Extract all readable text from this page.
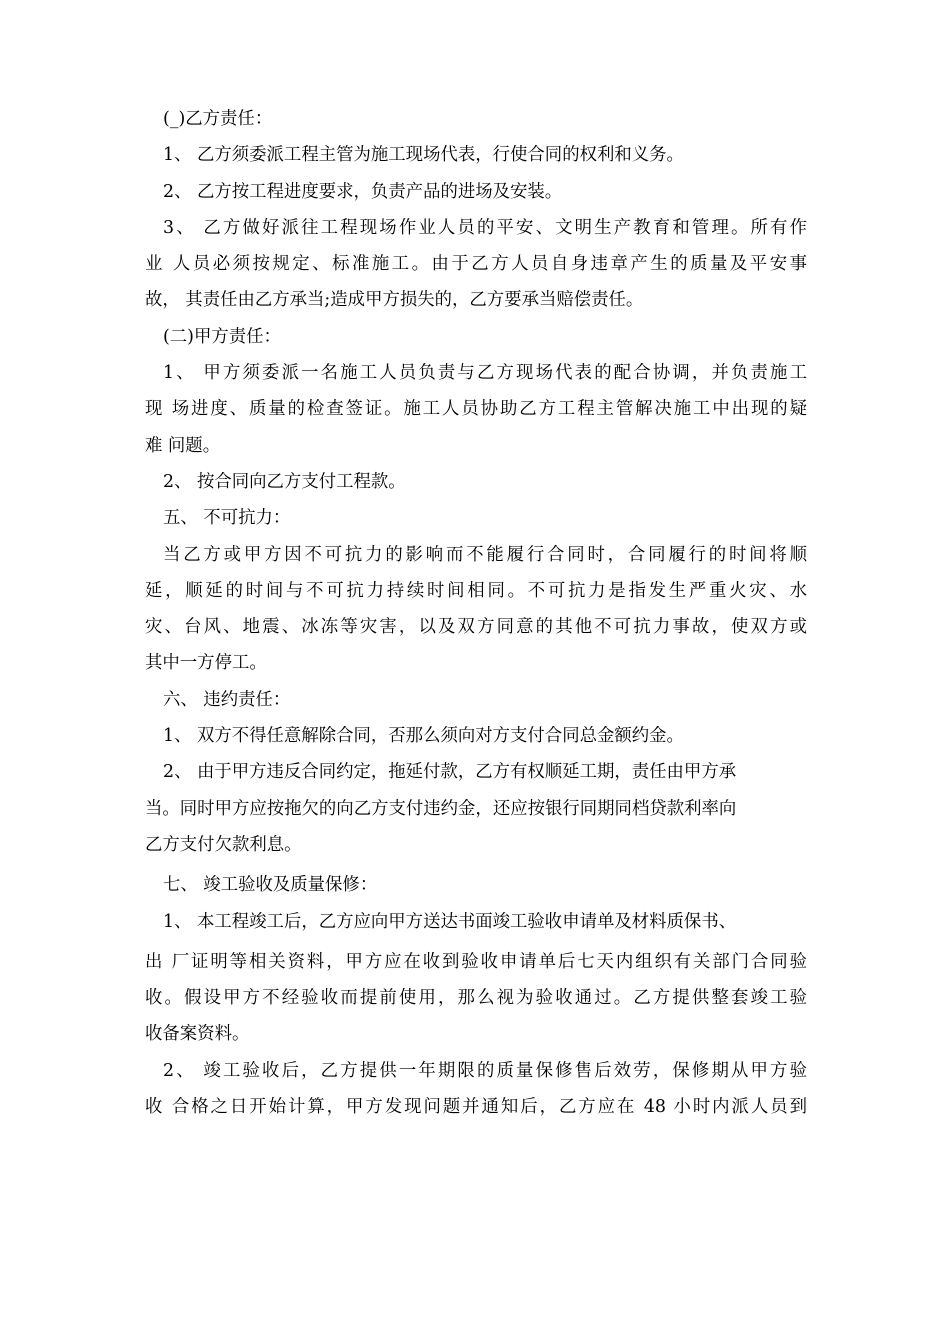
(_)乙方责任：
1、 乙方须委派工程主管为施工现场代表，行使合同的权利和义务。
2、 乙方按工程进度要求，负责产品的进场及安装。
3、 乙方做好派往工程现场作业人员的平安、文明生产教育和管理。所有作
业 人员必须按规定、标准施工。由于乙方人员自身违章产生的质量及平安事
故， 其责任由乙方承当;造成甲方损失的，乙方要承当赔偿责任。
(二)甲方责任：
1、 甲方须委派一名施工人员负责与乙方现场代表的配合协调，并负责施工
现 场进度、质量的检查签证。施工人员协助乙方工程主管解决施工中出现的疑
难 问题。
2、 按合同向乙方支付工程款。
五、 不可抗力：
当乙方或甲方因不可抗力的影响而不能履行合同时，合同履行的时间将顺
延，顺延的时间与不可抗力持续时间相同。不可抗力是指发生严重火灾、水
灾、台风、地震、冰冻等灾害，以及双方同意的其他不可抗力事故，使双方或
其中一方停工。
六、 违约责任：
1、 双方不得任意解除合同，否那么须向对方支付合同总金额约金。
2、 由于甲方违反合同约定，拖延付款，乙方有权顺延工期，责任由甲方承
当。同时甲方应按拖欠的向乙方支付违约金，还应按银行同期同档贷款利率向
乙方支付欠款利息。
七、 竣工验收及质量保修：
1、 本工程竣工后，乙方应向甲方送达书面竣工验收申请单及材料质保书、
出 厂证明等相关资料，甲方应在收到验收申请单后七天内组织有关部门合同验
收。假设甲方不经验收而提前使用，那么视为验收通过。乙方提供整套竣工验
收备案资料。
2、 竣工验收后，乙方提供一年期限的质量保修售后效劳，保修期从甲方验
收 合格之日开始计算，甲方发现问题并通知后，乙方应在 48 小时内派人员到
